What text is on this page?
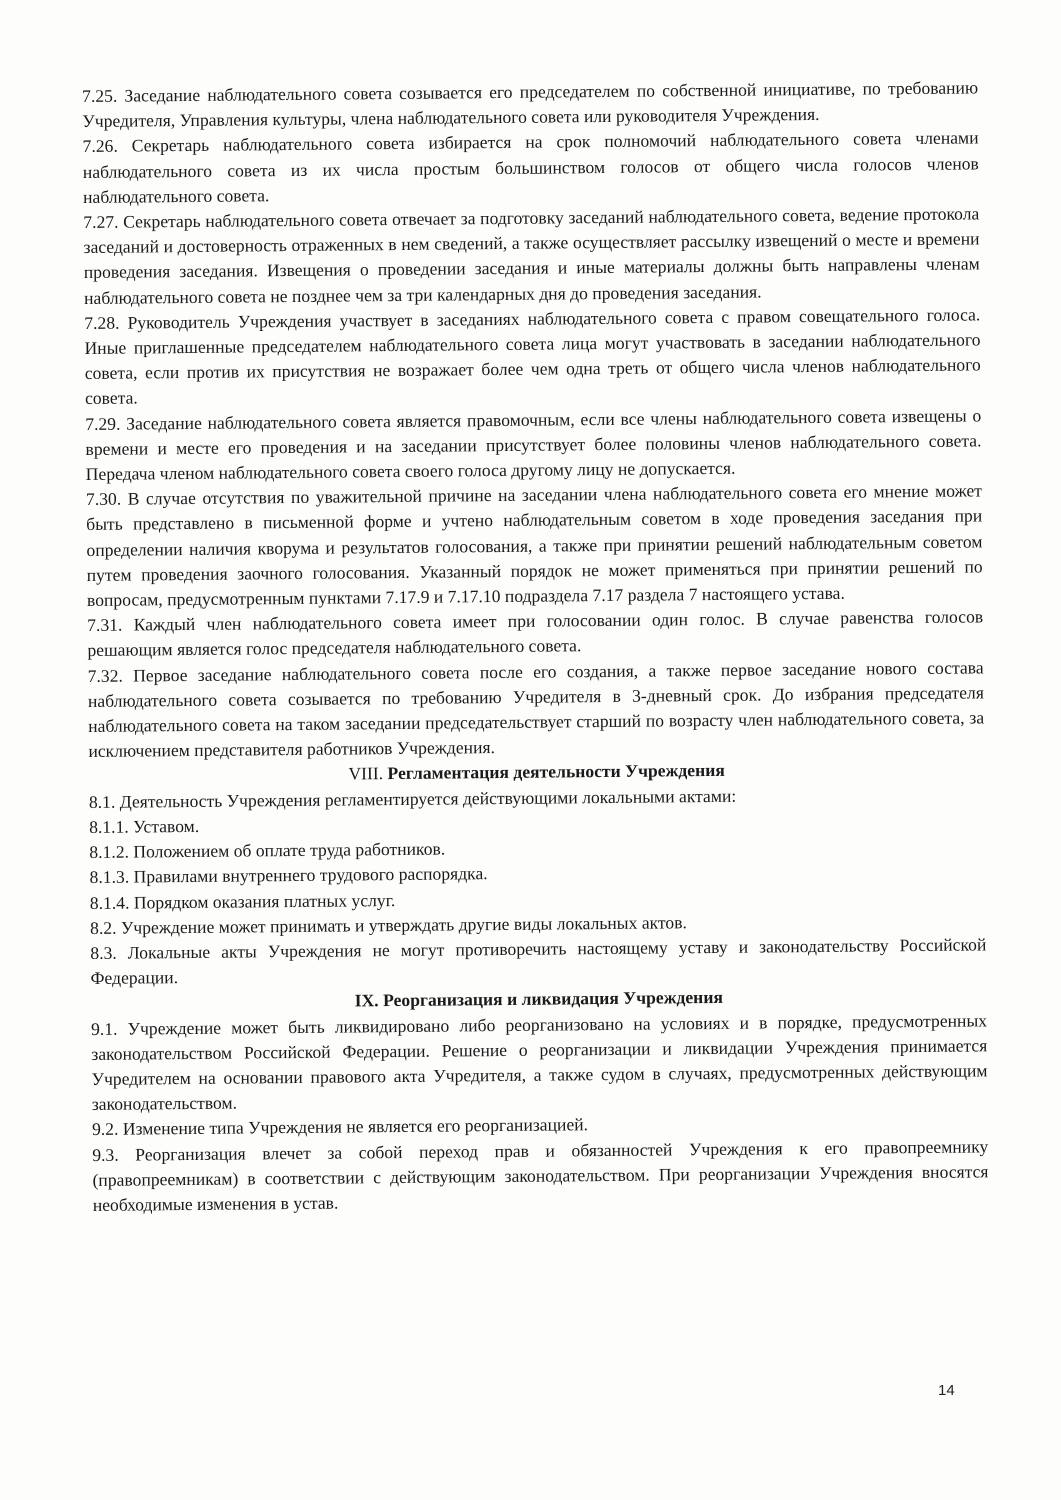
7.25. Заседание наблюдательного совета созывается его председателем по собственной инициативе, по требованию Учредителя, Управления культуры, члена наблюдательного совета или руководителя Учреждения.

7.26. Секретарь наблюдательного совета избирается на срок полномочий наблюдательного совета членами наблюдательного совета из их числа простым большинством голосов от общего числа голосов членов наблюдательного совета.

7.27. Секретарь наблюдательного совета отвечает за подготовку заседаний наблюдательного совета, ведение протокола заседаний и достоверность отраженных в нем сведений, а также осуществляет рассылку извещений о месте и времени проведения заседания. Извещения о проведении заседания и иные материалы должны быть направлены членам наблюдательного совета не позднее чем за три календарных дня до проведения заседания.

7.28. Руководитель Учреждения участвует в заседаниях наблюдательного совета с правом совещательного голоса. Иные приглашенные председателем наблюдательного совета лица могут участвовать в заседании наблюдательного совета, если против их присутствия не возражает более чем одна треть от общего числа членов наблюдательного совета.

7.29. Заседание наблюдательного совета является правомочным, если все члены наблюдательного совета извещены о времени и месте его проведения и на заседании присутствует более половины членов наблюдательного совета. Передача членом наблюдательного совета своего голоса другому лицу не допускается.

7.30. В случае отсутствия по уважительной причине на заседании члена наблюдательного совета его мнение может быть представлено в письменной форме и учтено наблюдательным советом в ходе проведения заседания при определении наличия кворума и результатов голосования, а также при принятии решений наблюдательным советом путем проведения заочного голосования. Указанный порядок не может применяться при принятии решений по вопросам, предусмотренным пунктами 7.17.9 и 7.17.10 подраздела 7.17 раздела 7 настоящего устава.

7.31. Каждый член наблюдательного совета имеет при голосовании один голос. В случае равенства голосов решающим является голос председателя наблюдательного совета.

7.32. Первое заседание наблюдательного совета после его создания, а также первое заседание нового состава наблюдательного совета созывается по требованию Учредителя в 3-дневный срок. До избрания председателя наблюдательного совета на таком заседании председательствует старший по возрасту член наблюдательного совета, за исключением представителя работников Учреждения.

VIII. Регламентация деятельности Учреждения

8.1. Деятельность Учреждения регламентируется действующими локальными актами:

8.1.1. Уставом.

8.1.2. Положением об оплате труда работников.

8.1.3. Правилами внутреннего трудового распорядка.

8.1.4. Порядком оказания платных услуг.

8.2. Учреждение может принимать и утверждать другие виды локальных актов.

8.3. Локальные акты Учреждения не могут противоречить настоящему уставу и законодательству Российской Федерации.

IX. Реорганизация и ликвидация Учреждения

9.1. Учреждение может быть ликвидировано либо реорганизовано на условиях и в порядке, предусмотренных законодательством Российской Федерации. Решение о реорганизации и ликвидации Учреждения принимается Учредителем на основании правового акта Учредителя, а также судом в случаях, предусмотренных действующим законодательством.

9.2. Изменение типа Учреждения не является его реорганизацией.

9.3. Реорганизация влечет за собой переход прав и обязанностей Учреждения к его правопреемнику (правопреемникам) в соответствии с действующим законодательством. При реорганизации Учреждения вносятся необходимые изменения в устав.

14
